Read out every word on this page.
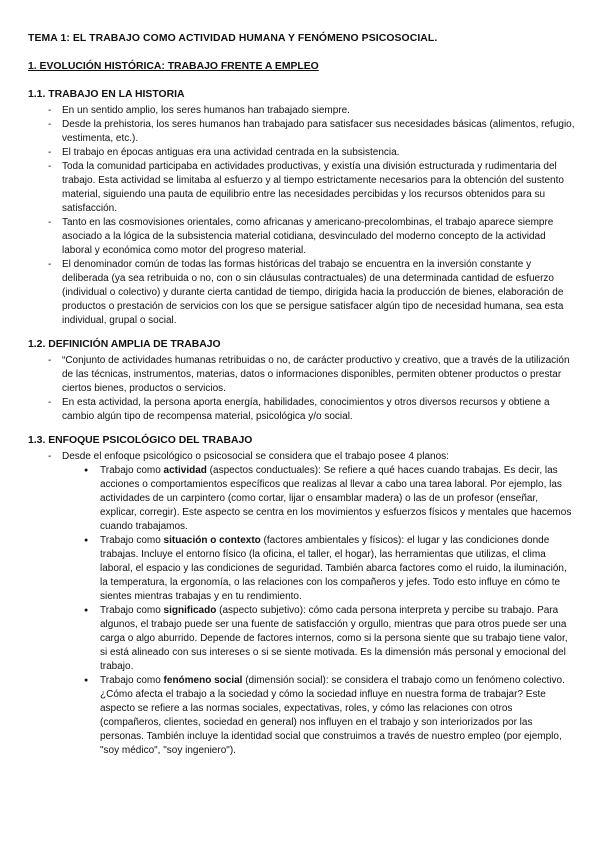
TEMA 1: EL TRABAJO COMO ACTIVIDAD HUMANA Y FENÓMENO PSICOSOCIAL.
1. EVOLUCIÓN HISTÓRICA: TRABAJO FRENTE A EMPLEO
1.1. TRABAJO EN LA HISTORIA
- En un sentido amplio, los seres humanos han trabajado siempre.
- Desde la prehistoria, los seres humanos han trabajado para satisfacer sus necesidades básicas (alimentos, refugio, vestimenta, etc.).
- El trabajo en épocas antiguas era una actividad centrada en la subsistencia.
- Toda la comunidad participaba en actividades productivas, y existía una división estructurada y rudimentaria del trabajo. Esta actividad se limitaba al esfuerzo y al tiempo estrictamente necesarios para la obtención del sustento material, siguiendo una pauta de equilibrio entre las necesidades percibidas y los recursos obtenidos para su satisfacción.
- Tanto en las cosmovisiones orientales, como africanas y americano-precolombinas, el trabajo aparece siempre asociado a la lógica de la subsistencia material cotidiana, desvinculado del moderno concepto de la actividad laboral y económica como motor del progreso material.
- El denominador común de todas las formas históricas del trabajo se encuentra en la inversión constante y deliberada (ya sea retribuida o no, con o sin cláusulas contractuales) de una determinada cantidad de esfuerzo (individual o colectivo) y durante cierta cantidad de tiempo, dirigida hacia la producción de bienes, elaboración de productos o prestación de servicios con los que se persigue satisfacer algún tipo de necesidad humana, sea esta individual, grupal o social.
1.2. DEFINICIÓN AMPLIA DE TRABAJO
- “Conjunto de actividades humanas retribuidas o no, de carácter productivo y creativo, que a través de la utilización de las técnicas, instrumentos, materias, datos o informaciones disponibles, permiten obtener productos o prestar ciertos bienes, productos o servicios.
- En esta actividad, la persona aporta energía, habilidades, conocimientos y otros diversos recursos y obtiene a cambio algún tipo de recompensa material, psicológica y/o social.
1.3. ENFOQUE PSICOLÓGICO DEL TRABAJO
- Desde el enfoque psicológico o psicosocial se considera que el trabajo posee 4 planos:
● Trabajo como actividad (aspectos conductuales): Se refiere a qué haces cuando trabajas. Es decir, las acciones o comportamientos específicos que realizas al llevar a cabo una tarea laboral. Por ejemplo, las actividades de un carpintero (como cortar, lijar o ensamblar madera) o las de un profesor (enseñar, explicar, corregir). Este aspecto se centra en los movimientos y esfuerzos físicos y mentales que hacemos cuando trabajamos.
● Trabajo como situación o contexto (factores ambientales y físicos): el lugar y las condiciones donde trabajas. Incluye el entorno físico (la oficina, el taller, el hogar), las herramientas que utilizas, el clima laboral, el espacio y las condiciones de seguridad. También abarca factores como el ruido, la iluminación, la temperatura, la ergonomía, o las relaciones con los compañeros y jefes. Todo esto influye en cómo te sientes mientras trabajas y en tu rendimiento.
● Trabajo como significado (aspecto subjetivo): cómo cada persona interpreta y percibe su trabajo. Para algunos, el trabajo puede ser una fuente de satisfacción y orgullo, mientras que para otros puede ser una carga o algo aburrido. Depende de factores internos, como si la persona siente que su trabajo tiene valor, si está alineado con sus intereses o si se siente motivada. Es la dimensión más personal y emocional del trabajo.
● Trabajo como fenómeno social (dimensión social): se considera el trabajo como un fenómeno colectivo. ¿Cómo afecta el trabajo a la sociedad y cómo la sociedad influye en nuestra forma de trabajar? Este aspecto se refiere a las normas sociales, expectativas, roles, y cómo las relaciones con otros (compañeros, clientes, sociedad en general) nos influyen en el trabajo y son interiorizados por las personas. También incluye la identidad social que construimos a través de nuestro empleo (por ejemplo, "soy médico", "soy ingeniero").
